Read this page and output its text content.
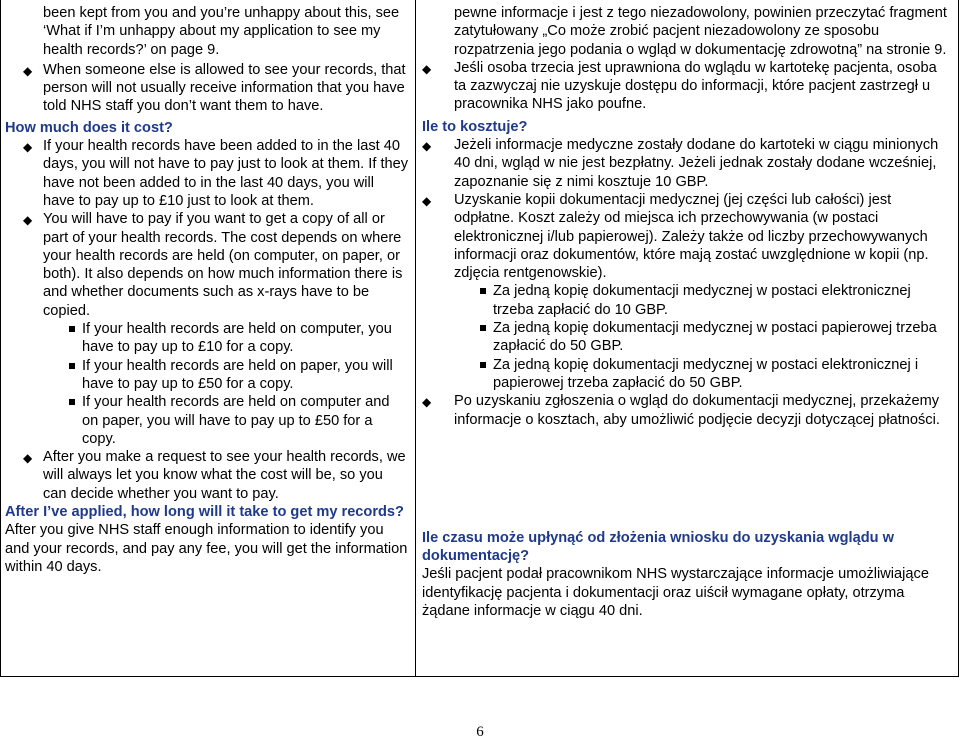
been kept from you and you’re unhappy about this, see ‘What if I’m unhappy about my application to see my health records?’ on page 9.
◆ When someone else is allowed to see your records, that person will not usually receive information that you have told NHS staff you don’t want them to have.

How much does it cost?

◆ If your health records have been added to in the last 40 days, you will not have to pay just to look at them. If they have not been added to in the last 40 days, you will have to pay up to £10 just to look at them.
◆ You will have to pay if you want to get a copy of all or part of your health records. The cost depends on where your health records are held (on computer, on paper, or both). It also depends on how much information there is and whether documents such as x-rays have to be copied.
If your health records are held on computer, you have to pay up to £10 for a copy.
If your health records are held on paper, you will have to pay up to £50 for a copy.
If your health records are held on computer and on paper, you will have to pay up to £50 for a copy.
◆ After you make a request to see your health records, we will always let you know what the cost will be, so you can decide whether you want to pay.

After I’ve applied, how long will it take to get my records?

After you give NHS staff enough information to identify you and your records, and pay any fee, you will get the information within 40 days.

pewne informacje i jest z tego niezadowolony, powinien przeczytać fragment zatytułowany „Co może zrobić pacjent niezadowolony ze sposobu rozpatrzenia jego podania o wgląd w dokumentację zdrowotną” na stronie 9.
◆ Jeśli osoba trzecia jest uprawniona do wglądu w kartotekę pacjenta, osoba ta zazwyczaj nie uzyskuje dostępu do informacji, które pacjent zastrzegł u pracownika NHS jako poufne.

Ile to kosztuje?

◆ Jeżeli informacje medyczne zostały dodane do kartoteki w ciągu minionych 40 dni, wgląd w nie jest bezpłatny. Jeżeli jednak zostały dodane wcześniej, zapoznanie się z nimi kosztuje 10 GBP.
◆ Uzyskanie kopii dokumentacji medycznej (jej części lub całości) jest odpłatne. Koszt zależy od miejsca ich przechowywania (w postaci elektronicznej i/lub papierowej). Zależy także od liczby przechowywanych informacji oraz dokumentów, które mają zostać uwzględnione w kopii (np. zdjęcia rentgenowskie).
Za jedną kopię dokumentacji medycznej w postaci elektronicznej trzeba zapłacić do 10 GBP.
Za jedną kopię dokumentacji medycznej w postaci papierowej trzeba zapłacić do 50 GBP.
Za jedną kopię dokumentacji medycznej w postaci elektronicznej i papierowej trzeba zapłacić do 50 GBP.
◆ Po uzyskaniu zgłoszenia o wgląd do dokumentacji medycznej, przekażemy informacje o kosztach, aby umożliwić podjęcie decyzji dotyczącej płatności.

Ile czasu może upłynąć od złożenia wniosku do uzyskania wglądu w dokumentację?

Jeśli pacjent podał pracownikom NHS wystarczające informacje umożliwiające identyfikację pacjenta i dokumentacji oraz uiścił wymagane opłaty, otrzyma żądane informacje w ciągu 40 dni.

6
